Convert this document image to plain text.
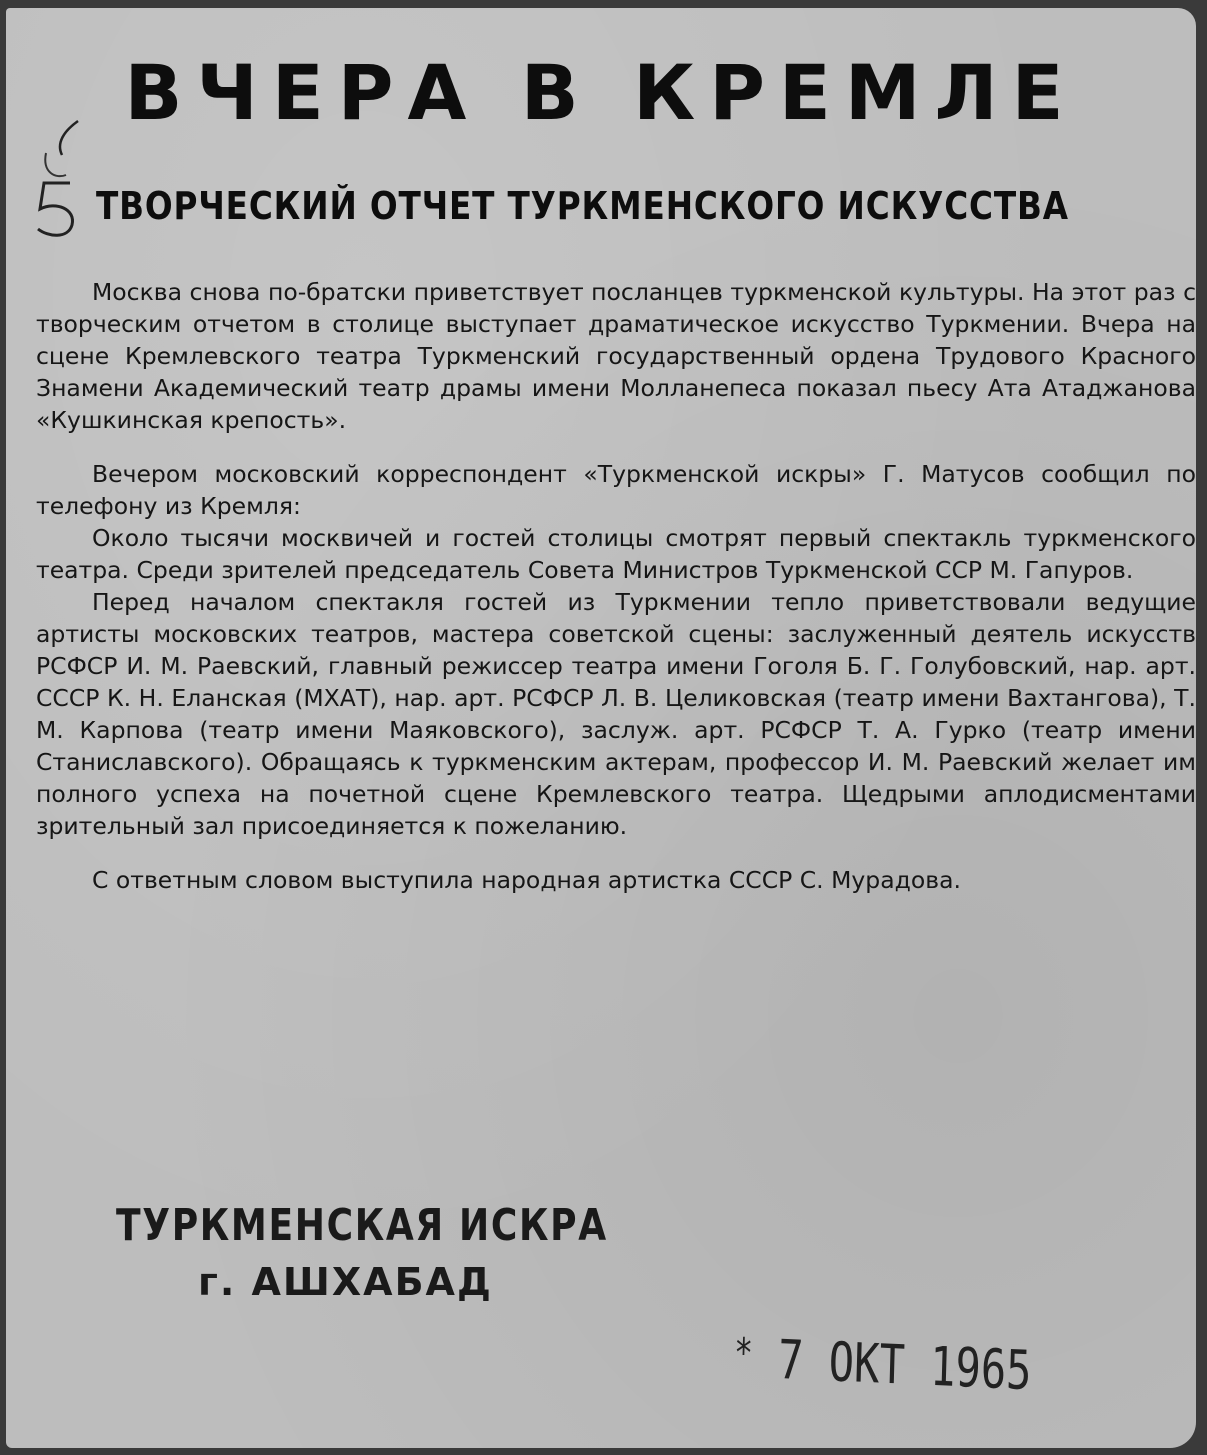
ВЧЕРА В КРЕМЛЕ
ТВОРЧЕСКИЙ ОТЧЕТ ТУРКМЕНСКОГО ИСКУССТВА

Москва снова по-братски приветствует посланцев туркменской культуры. На этот раз с творческим отчетом в столице выступает драматическое искусство Туркмении. Вчера на сцене Кремлевского театра Туркменский государственный ордена Трудового Красного Знамени Академический театр драмы имени Молланепеса показал пьесу Ата Атаджанова «Кушкинская крепость».

Вечером московский корреспондент «Туркменской искры» Г. Матусов сообщил по телефону из Кремля:

Около тысячи москвичей и гостей столицы смотрят первый спектакль туркменского театра. Среди зрителей председатель Совета Министров Туркменской ССР М. Гапуров.

Перед началом спектакля гостей из Туркмении тепло приветствовали ведущие артисты московских театров, мастера советской сцены: заслуженный деятель искусств РСФСР И. М. Раевский, главный режиссер театра имени Гоголя Б. Г. Голубовский, нар. арт. СССР К. Н. Еланская (МХАТ), нар. арт. РСФСР Л. В. Целиковская (театр имени Вахтангова), Т. М. Карпова (театр имени Маяковского), заслуж. арт. РСФСР Т. А. Гурко (театр имени Станиславского). Обращаясь к туркменским актерам, профессор И. М. Раевский желает им полного успеха на почетной сцене Кремлевского театра. Щедрыми аплодисментами зрительный зал присоединяется к пожеланию.

С ответным словом выступила народная артистка СССР С. Мурадова.

ТУРКМЕНСКАЯ ИСКРА
г. АШХАБАД
* 7 ОКТ 1965
